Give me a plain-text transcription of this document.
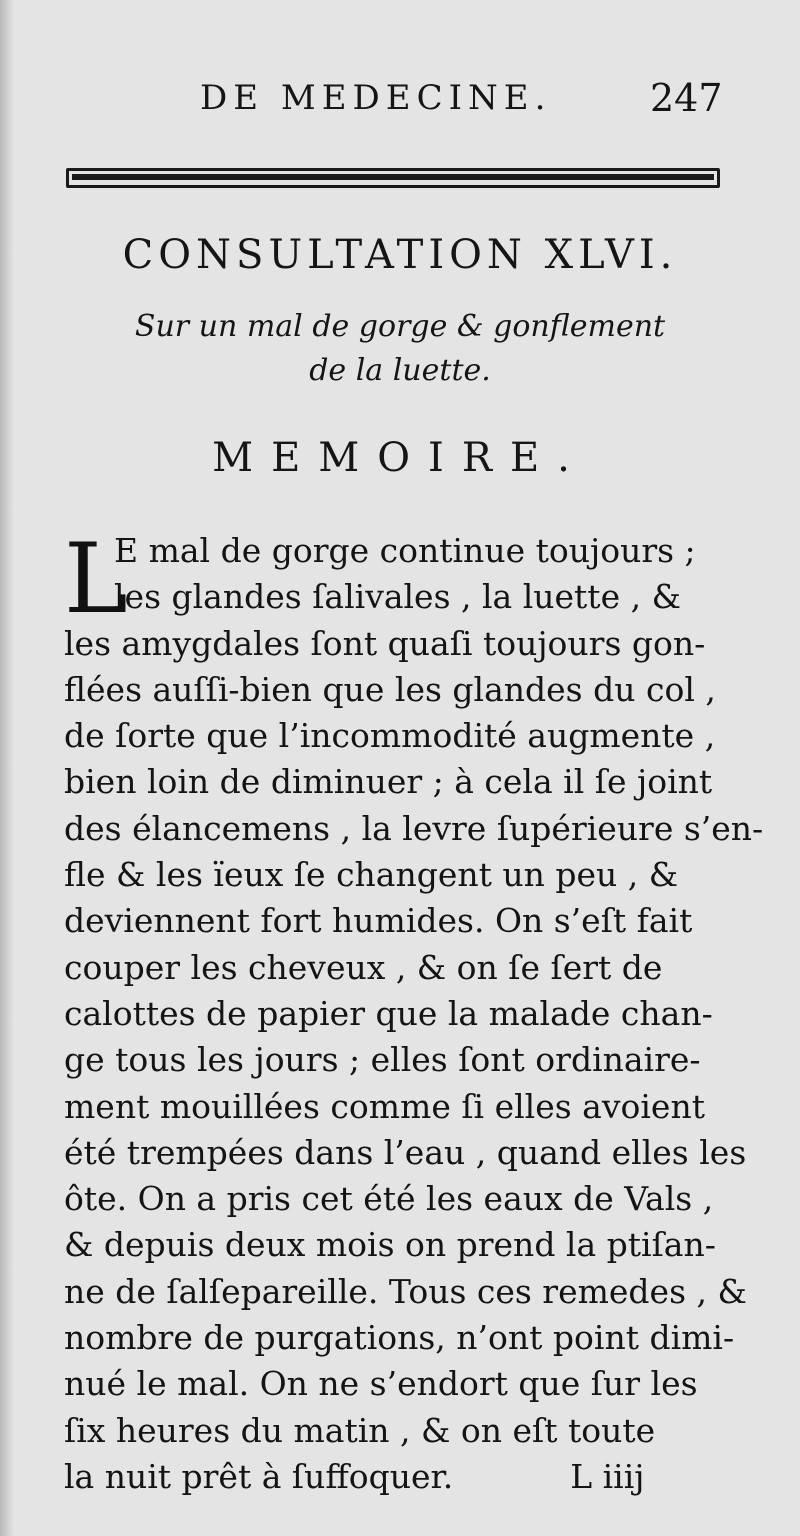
DE MEDECINE.	247
CONSULTATION XLVI.
Sur un mal de gorge & gonflement
de la luette.
MEMOIRE.
L
E mal de gorge continue toujours ;
les glandes ſalivales , la luette , &
les amygdales ſont quaſi toujours gon-
flées auſſi-bien que les glandes du col ,
de ſorte que l’incommodité augmente ,
bien loin de diminuer ; à cela il ſe joint
des élancemens , la levre ſupérieure s’en-
fle & les ïeux ſe changent un peu , &
deviennent fort humides. On s’eſt fait
couper les cheveux , & on ſe ſert de
calottes de papier que la malade chan-
ge tous les jours ; elles ſont ordinaire-
ment mouillées comme ſi elles avoient
été trempées dans l’eau , quand elles les
ôte. On a pris cet été les eaux de Vals ,
& depuis deux mois on prend la ptiſan-
ne de ſalſepareille. Tous ces remedes , &
nombre de purgations, n’ont point dimi-
nué le mal. On ne s’endort que ſur les
ſix heures du matin , & on eſt toute
la nuit prêt à ſuffoquer.	L iiij
